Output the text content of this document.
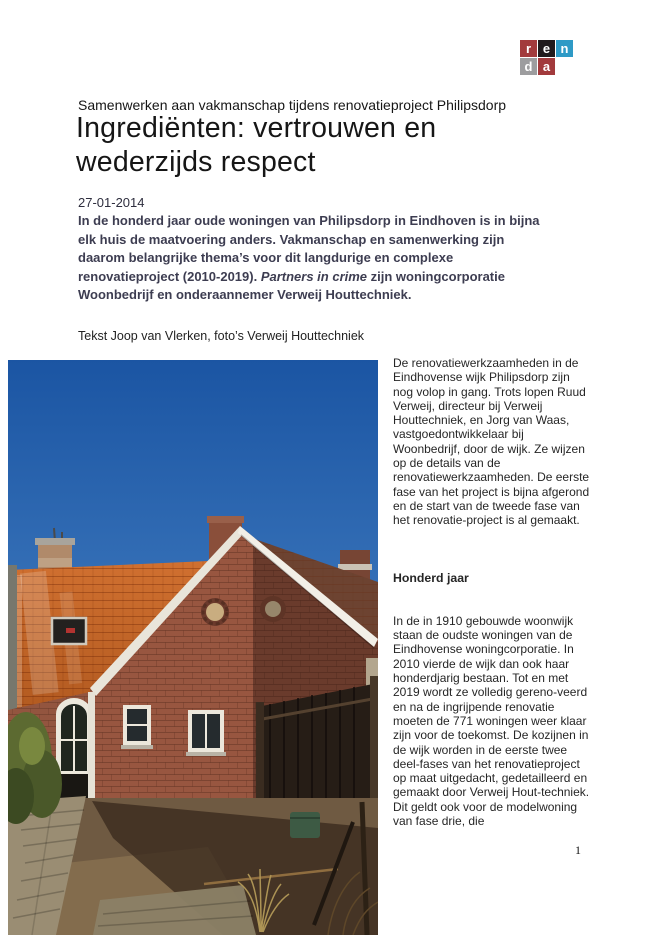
r e n
d a
Samenwerken aan vakmanschap tijdens renovatieproject Philipsdorp
Ingrediënten: vertrouwen en wederzijds respect
27-01-2014
In de honderd jaar oude woningen van Philipsdorp in Eindhoven is in bijna elk huis de maatvoering anders. Vakmanschap en samenwerking zijn daarom belangrijke thema’s voor dit langdurige en complexe renovatieproject (2010-2019). Partners in crime zijn woningcorporatie Woonbedrijf en onderaannemer Verweij Houttechniek.
Tekst Joop van Vlerken, foto’s Verweij Houttechniek

De renovatiewerkzaamheden in de Eindhovense wijk Philipsdorp zijn nog volop in gang. Trots lopen Ruud Verweij, directeur bij Verweij Houttechniek, en Jorg van Waas, vastgoedontwikkelaar bij Woonbedrijf, door de wijk. Ze wijzen op de details van de renovatiewerkzaamheden. De eerste fase van het project is bijna afgerond en de start van de tweede fase van het renovatie-project is al gemaakt.

Honderd jaar

In de in 1910 gebouwde woonwijk staan de oudste woningen van de Eindhovense woningcorporatie. In 2010 vierde de wijk dan ook haar honderdjarig bestaan. Tot en met 2019 wordt ze volledig gereno-veerd en na de ingrijpende renovatie moeten de 771 woningen weer klaar zijn voor de toekomst. De kozijnen in de wijk worden in de eerste twee deel-fases van het renovatieproject op maat uitgedacht, gedetailleerd en gemaakt door Verweij Hout-techniek. Dit geldt ook voor de modelwoning van fase drie, die

1
